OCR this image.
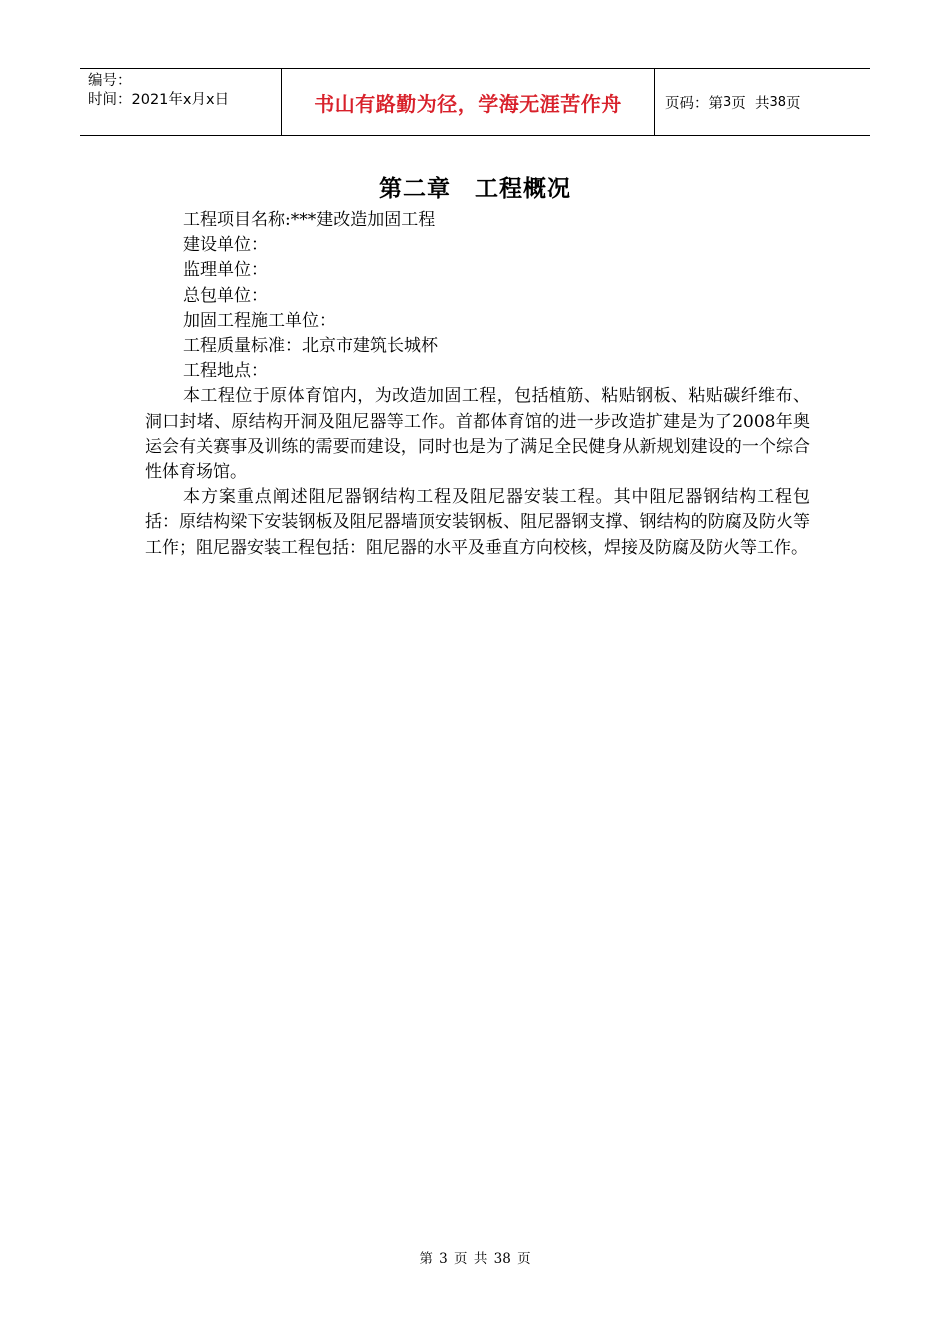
编号：
时间：2021年x月x日	书山有路勤为径，学海无涯苦作舟	页码：第 3 页  共 38 页
第二章　工程概况
工程项目名称:***建改造加固工程
建设单位：
监理单位：
总包单位：
加固工程施工单位：
工程质量标准：北京市建筑长城杯
工程地点：
本工程位于原体育馆内，为改造加固工程，包括植筋、粘贴钢板、粘贴碳纤维布、洞口封堵、原结构开洞及阻尼器等工作。首都体育馆的进一步改造扩建是为了2008年奥运会有关赛事及训练的需要而建设，同时也是为了满足全民健身从新规划建设的一个综合性体育场馆。
本方案重点阐述阻尼器钢结构工程及阻尼器安装工程。其中阻尼器钢结构工程包括：原结构梁下安装钢板及阻尼器墙顶安装钢板、阻尼器钢支撑、钢结构的防腐及防火等工作；阻尼器安装工程包括：阻尼器的水平及垂直方向校核，焊接及防腐及防火等工作。
第 3 页 共 38 页
